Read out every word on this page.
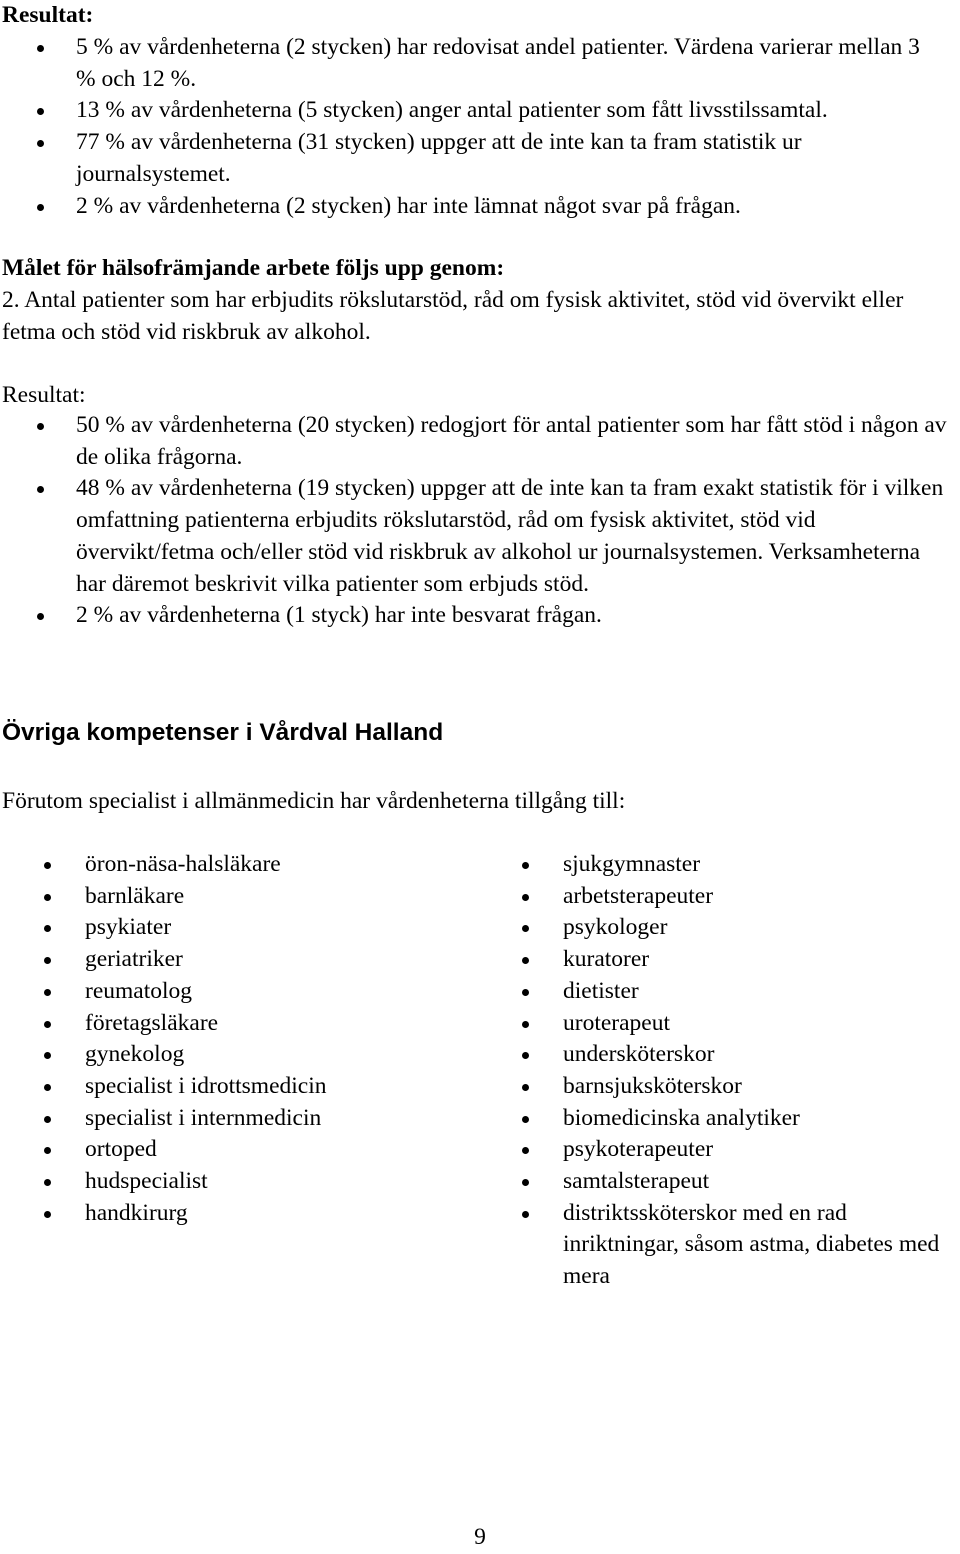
Resultat:

5 % av vårdenheterna (2 stycken) har redovisat andel patienter. Värdena varierar mellan 3 % och 12 %.
13 % av vårdenheterna (5 stycken) anger antal patienter som fått livsstilssamtal.
77 % av vårdenheterna (31 stycken) uppger att de inte kan ta fram statistik ur journalsystemet.
2 % av vårdenheterna (2 stycken) har inte lämnat något svar på frågan.

Målet för hälsofrämjande arbete följs upp genom:

2. Antal patienter som har erbjudits rökslutarstöd, råd om fysisk aktivitet, stöd vid övervikt eller fetma och stöd vid riskbruk av alkohol.

Resultat:

50 % av vårdenheterna (20 stycken) redogjort för antal patienter som har fått stöd i någon av de olika frågorna.
48 % av vårdenheterna (19 stycken) uppger att de inte kan ta fram exakt statistik för i vilken omfattning patienterna erbjudits rökslutarstöd, råd om fysisk aktivitet, stöd vid övervikt/fetma och/eller stöd vid riskbruk av alkohol ur journalsystemen. Verksamheterna har däremot beskrivit vilka patienter som erbjuds stöd.
2 % av vårdenheterna (1 styck) har inte besvarat frågan.
Övriga kompetenser i Vårdval Halland

Förutom specialist i allmänmedicin har vårdenheterna tillgång till:

öron-näsa-halsläkare
barnläkare
psykiater
geriatriker
reumatolog
företagsläkare
gynekolog
specialist i idrottsmedicin
specialist i internmedicin
ortoped
hudspecialist
handkirurg
sjukgymnaster
arbetsterapeuter
psykologer
kuratorer
dietister
uroterapeut
undersköterskor
barnsjuksköterskor
biomedicinska analytiker
psykoterapeuter
samtalsterapeut
distriktssköterskor med en rad inriktningar, såsom astma, diabetes med mera

9
